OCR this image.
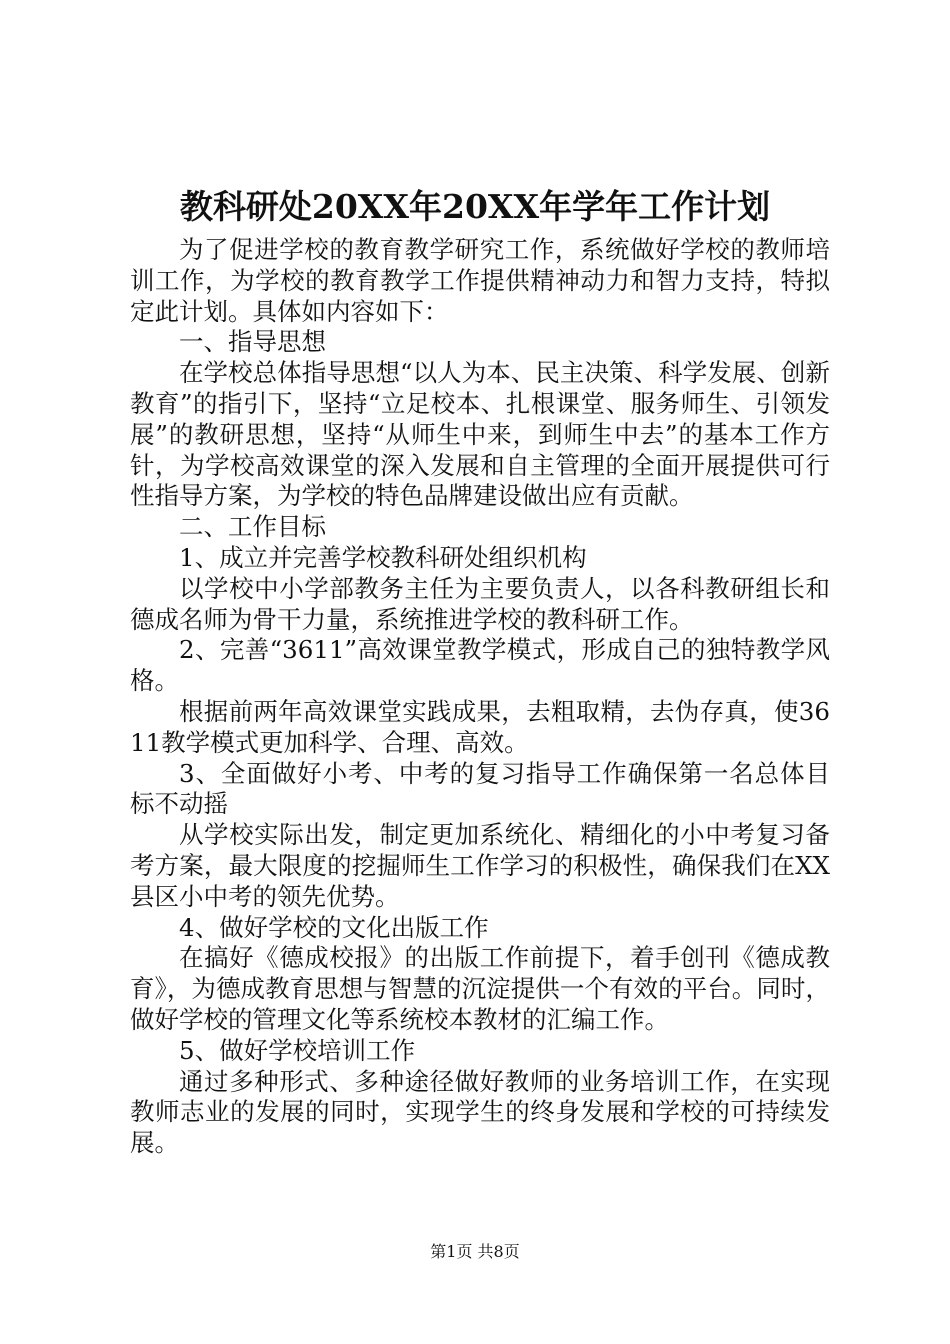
教科研处20XX年20XX年学年工作计划

为了促进学校的教育教学研究工作，系统做好学校的教师培训工作，为学校的教育教学工作提供精神动力和智力支持，特拟定此计划。具体如内容如下：

一、指导思想

在学校总体指导思想“以人为本、民主决策、科学发展、创新教育”的指引下，坚持“立足校本、扎根课堂、服务师生、引领发展”的教研思想，坚持“从师生中来，到师生中去”的基本工作方针，为学校高效课堂的深入发展和自主管理的全面开展提供可行性指导方案，为学校的特色品牌建设做出应有贡献。

二、工作目标

1、成立并完善学校教科研处组织机构

以学校中小学部教务主任为主要负责人，以各科教研组长和德成名师为骨干力量，系统推进学校的教科研工作。

2、完善“3611”高效课堂教学模式，形成自己的独特教学风格。

根据前两年高效课堂实践成果，去粗取精，去伪存真，使3611教学模式更加科学、合理、高效。

3、全面做好小考、中考的复习指导工作确保第一名总体目标不动摇

从学校实际出发，制定更加系统化、精细化的小中考复习备考方案，最大限度的挖掘师生工作学习的积极性，确保我们在XX县区小中考的领先优势。

4、做好学校的文化出版工作

在搞好《德成校报》的出版工作前提下，着手创刊《德成教育》，为德成教育思想与智慧的沉淀提供一个有效的平台。同时，做好学校的管理文化等系统校本教材的汇编工作。

5、做好学校培训工作

通过多种形式、多种途径做好教师的业务培训工作，在实现教师志业的发展的同时，实现学生的终身发展和学校的可持续发展。

第1页 共8页
